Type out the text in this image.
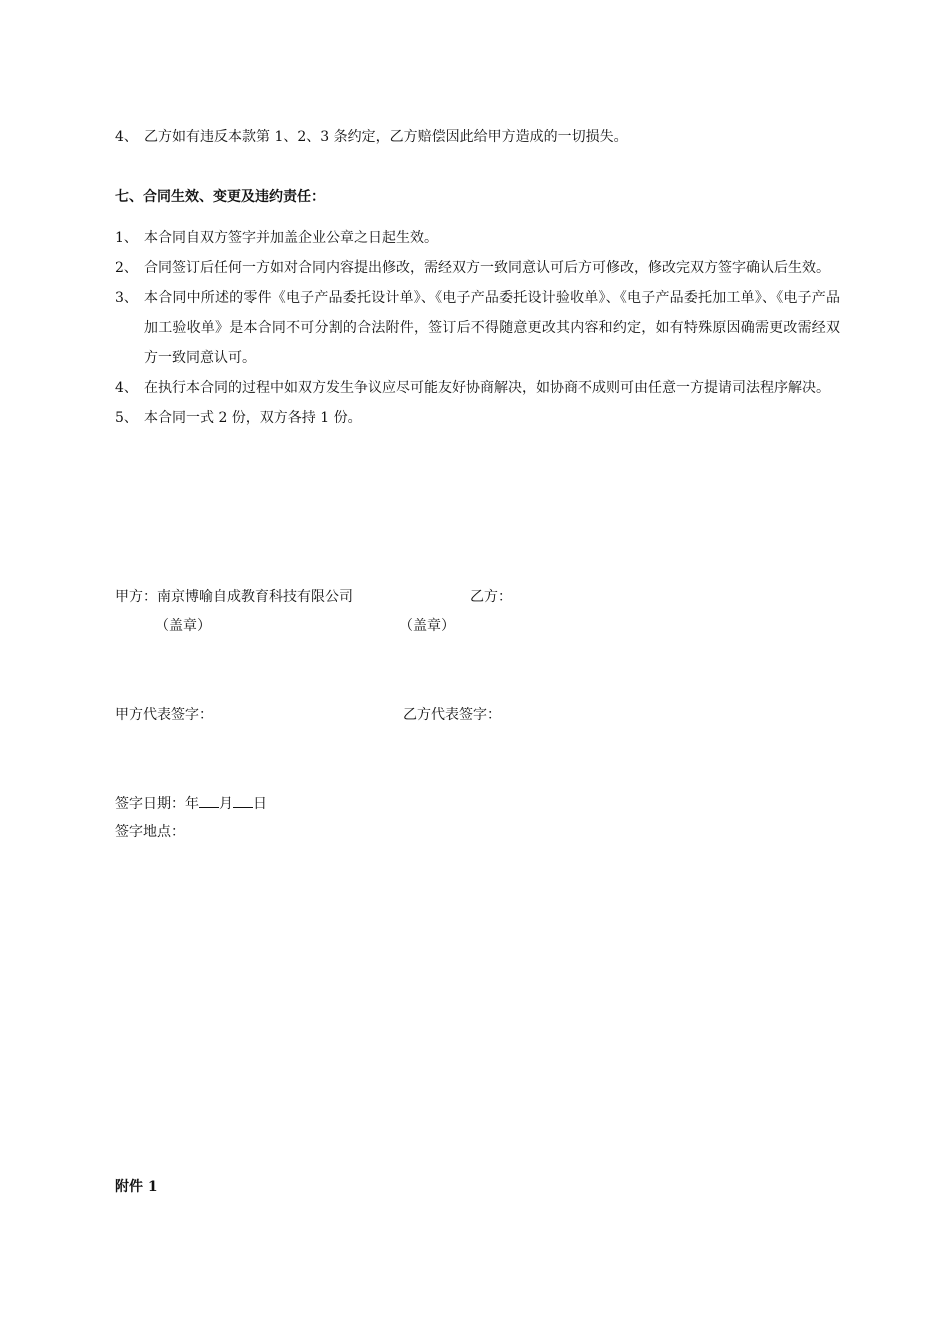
4、 乙方如有违反本款第 1、2、3 条约定，乙方赔偿因此给甲方造成的一切损失。
七、合同生效、变更及违约责任：
1、 本合同自双方签字并加盖企业公章之日起生效。
2、 合同签订后任何一方如对合同内容提出修改，需经双方一致同意认可后方可修改，修改完双方签字确认后生效。
3、 本合同中所述的零件《电子产品委托设计单》、《电子产品委托设计验收单》、《电子产品委托加工单》、《电子产品加工验收单》是本合同不可分割的合法附件，签订后不得随意更改其内容和约定，如有特殊原因确需更改需经双方一致同意认可。
4、 在执行本合同的过程中如双方发生争议应尽可能友好协商解决，如协商不成则可由任意一方提请司法程序解决。
5、 本合同一式 2 份，双方各持 1 份。
甲方：南京博喻自成教育科技有限公司	乙方：
（盖章）	（盖章）
甲方代表签字：	乙方代表签字：
签字日期：年 月 日
签字地点：
附件 1
